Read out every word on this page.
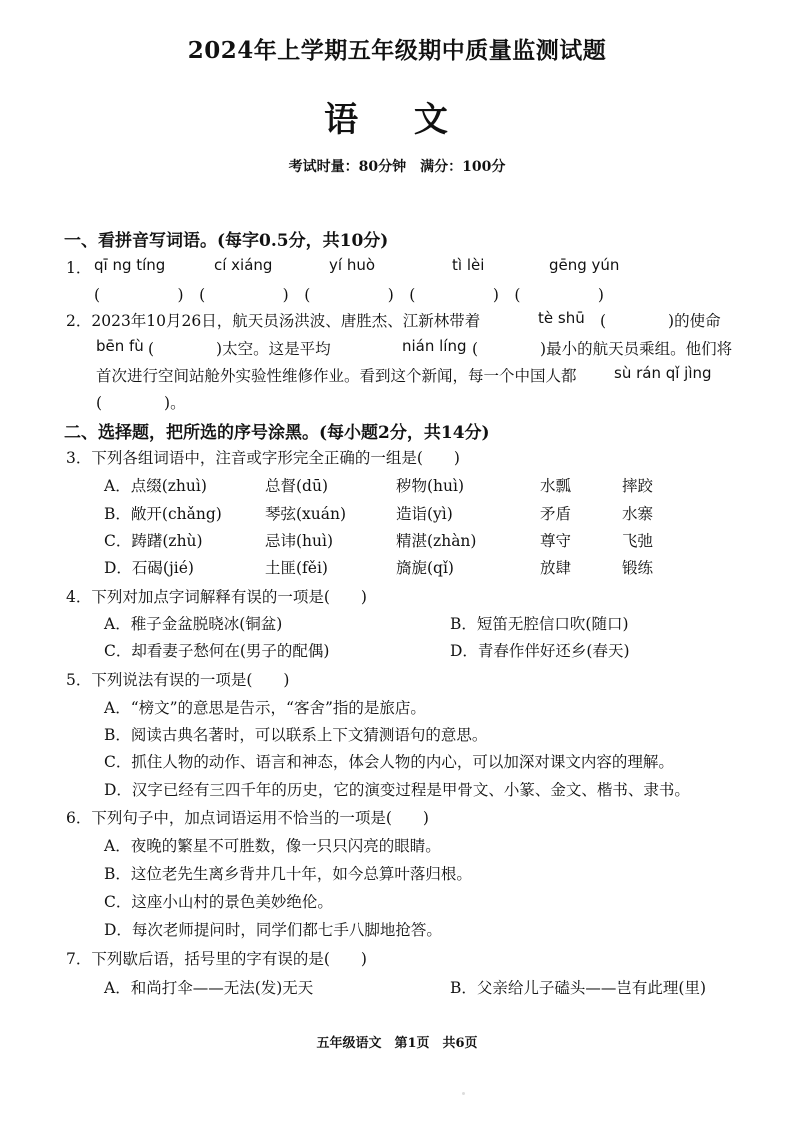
2024年上学期五年级期中质量监测试题
语 文
考试时量：80分钟　满分：100分
一、看拼音写词语。(每字0.5分，共10分)
1． qī ng tíng	cí xiáng	yí huò	tì lèi	gēng yún
(　　　　　)　(　　　　　)　(　　　　　)　(　　　　　)　(　　　　　)
2．2023年10月26日，航天员汤洪波、唐胜杰、江新林带着	tè shū (　　　　)的使命
bēn fù (　　　　)太空。这是平均	nián líng (　　　　)最小的航天员乘组。他们将
首次进行空间站舱外实验性维修作业。看到这个新闻，每一个中国人都 sù rán qǐ jìng
(　　　　)。
二、选择题，把所选的序号涂黑。(每小题2分，共14分)
3．下列各组词语中，注音或字形完全正确的一组是(　　)
A．点缀(zhuì)	总督(dū)	秽物(huì)	水瓢	摔跤
B．敞开(chǎng)	琴弦(xuán)	造诣(yì)	矛盾	水寨
C．踌躇(zhù)	忌讳(huì)	精湛(zhàn)	尊守	飞弛
D．石碣(jié)	土匪(fěi)	旖旎(qǐ)	放肆	锻练
4．下列对加点字词解释有误的一项是(　　)
A．稚子金盆脱晓冰(铜盆)	B．短笛无腔信口吹(随口)
C．却看妻子愁何在(男子的配偶)	D．青春作伴好还乡(春天)
5．下列说法有误的一项是(　　)
A．“榜文”的意思是告示，“客舍”指的是旅店。
B．阅读古典名著时，可以联系上下文猜测语句的意思。
C．抓住人物的动作、语言和神态，体会人物的内心，可以加深对课文内容的理解。
D．汉字已经有三四千年的历史，它的演变过程是甲骨文、小篆、金文、楷书、隶书。
6．下列句子中，加点词语运用不恰当的一项是(　　)
A．夜晚的繁星不可胜数，像一只只闪亮的眼睛。
B．这位老先生离乡背井几十年，如今总算叶落归根。
C．这座小山村的景色美妙绝伦。
D．每次老师提问时，同学们都七手八脚地抢答。
7．下列歇后语，括号里的字有误的是(　　)
A．和尚打伞——无法(发)无天	B．父亲给儿子磕头——岂有此理(里)
五年级语文　第1页　共6页
